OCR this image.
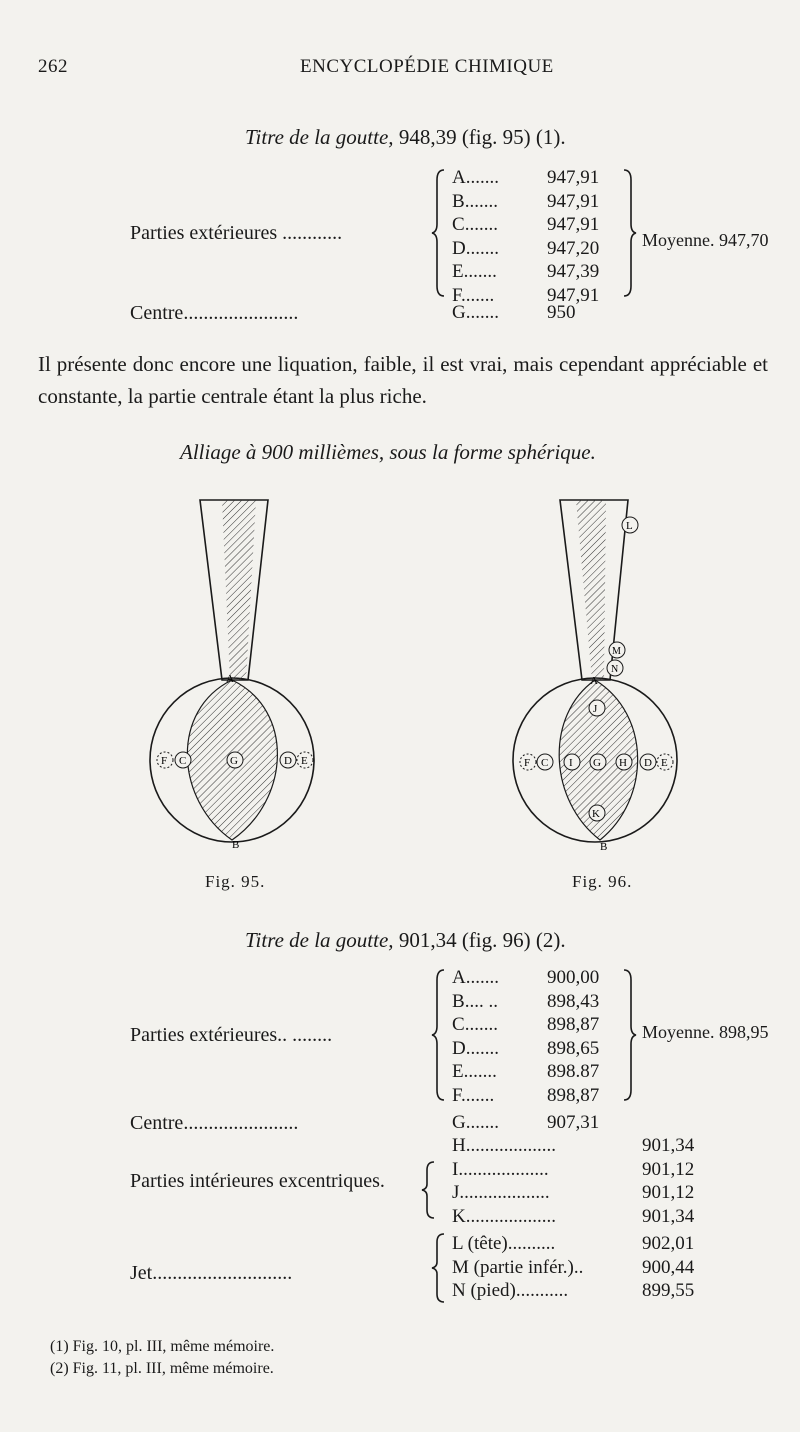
262	ENCYCLOPÉDIE CHIMIQUE
Titre de la goutte, 948,39 (fig. 95) (1).
Parties extérieures ............
A.......	947,91
B.......	947,91
C.......	947,91
D.......	947,20
E.......	947,39
F.......	947,91
Moyenne. 947,70
Centre.......................	G.......	950
Il présente donc encore une liquation, faible, il est vrai, mais cependant appréciable et constante, la partie centrale étant la plus riche.
Alliage à 900 millièmes, sous la forme sphérique.
A
B
F C	G	D E
L
M
N
A
J
F C I G H D E
K
B
Fig. 95.	Fig. 96.
Titre de la goutte, 901,34 (fig. 96) (2).
Parties extérieures.. ........
A.......	900,00
B.... ..	898,43
C.......	898,87
D.......	898,65
E.......	898.87
F.......	898,87
Moyenne. 898,95
Centre.......................	G.......	907,31
Parties intérieures excentriques.
H...................	901,34
I...................	901,12
J...................	901,12
K...................	901,34
Jet............................
L (tête)..........	902,01
M (partie infér.)..	900,44
N (pied)...........	899,55
(1) Fig. 10, pl. III, même mémoire.
(2) Fig. 11, pl. III, même mémoire.
